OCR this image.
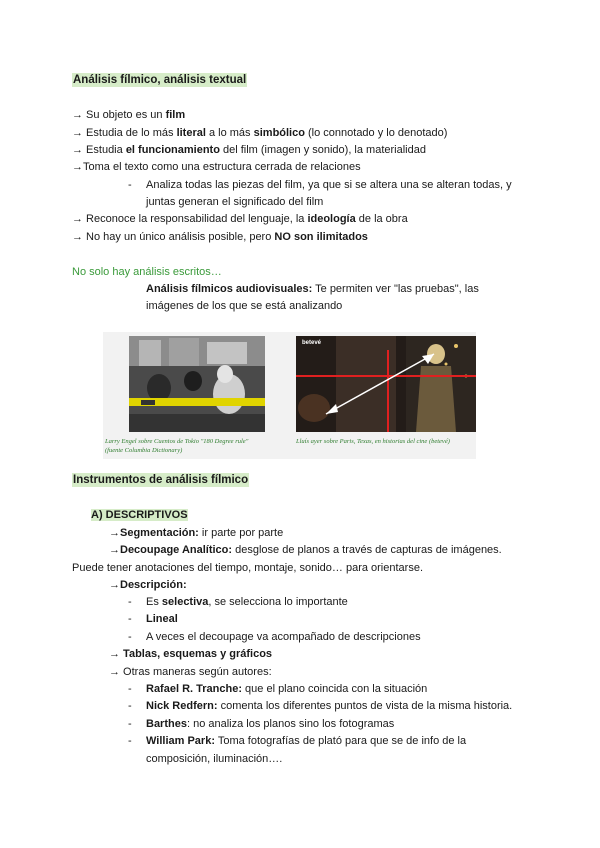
Análisis fílmico, análisis textual
→ Su objeto es un film
→ Estudia de lo más literal a lo más simbólico (lo connotado y lo denotado)
→ Estudia el funcionamiento del film (imagen y sonido), la materialidad
→Toma el texto como una estructura cerrada de relaciones
- Analiza todas las piezas del film, ya que si se altera una se alteran todas, y
juntas generan el significado del film
→ Reconoce la responsabilidad del lenguaje, la ideología de la obra
→ No hay un único análisis posible, pero NO son ilimitados
No solo hay análisis escritos…
Análisis fílmicos audiovisuales: Te permiten ver "las pruebas", las
imágenes de los que se está analizando
betevé
Larry Engel sobre Cuentos de Tokio "180 Degree rule"
(fuente Columbia Dictionary)
Lluís ayer sobre Paris, Texas, en historias del cine (betevé)
Instrumentos de análisis fílmico
A) DESCRIPTIVOS
→Segmentación: ir parte por parte
→Decoupage Analítico: desglose de planos a través de capturas de imágenes.
Puede tener anotaciones del tiempo, montaje, sonido… para orientarse.
→Descripción:
- Es selectiva, se selecciona lo importante
- Lineal
- A veces el decoupage va acompañado de descripciones
→ Tablas, esquemas y gráficos
→ Otras maneras según autores:
- Rafael R. Tranche: que el plano coincida con la situación
- Nick Redfern: comenta los diferentes puntos de vista de la misma historia.
- Barthes: no analiza los planos sino los fotogramas
- William Park: Toma fotografías de plató para que se de info de la
composición, iluminación….
